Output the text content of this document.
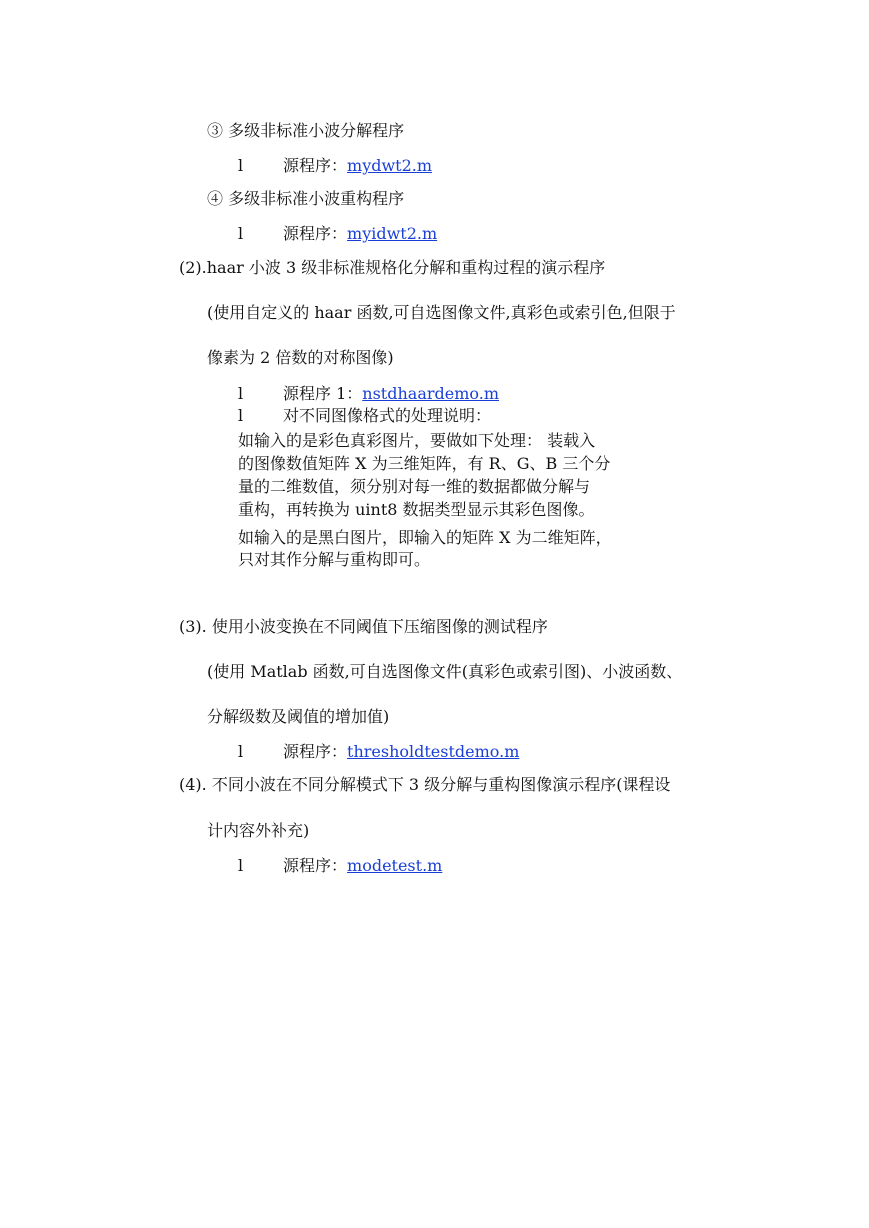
③ 多级非标准小波分解程序
l 源程序：mydwt2.m
④ 多级非标准小波重构程序
l 源程序：myidwt2.m
(2).haar 小波 3 级非标准规格化分解和重构过程的演示程序
(使用自定义的 haar 函数,可自选图像文件,真彩色或索引色,但限于
像素为 2 倍数的对称图像)
l 源程序 1：nstdhaardemo.m
l 对不同图像格式的处理说明：
如输入的是彩色真彩图片，要做如下处理： 装载入
的图像数值矩阵 X 为三维矩阵，有 R、G、B 三个分
量的二维数值，须分别对每一维的数据都做分解与
重构，再转换为 uint8 数据类型显示其彩色图像。
如输入的是黑白图片，即输入的矩阵 X 为二维矩阵，
只对其作分解与重构即可。
(3). 使用小波变换在不同阈值下压缩图像的测试程序
(使用 Matlab 函数,可自选图像文件(真彩色或索引图)、小波函数、
分解级数及阈值的增加值)
l 源程序：thresholdtestdemo.m
(4). 不同小波在不同分解模式下 3 级分解与重构图像演示程序(课程设
计内容外补充)
l 源程序：modetest.m
